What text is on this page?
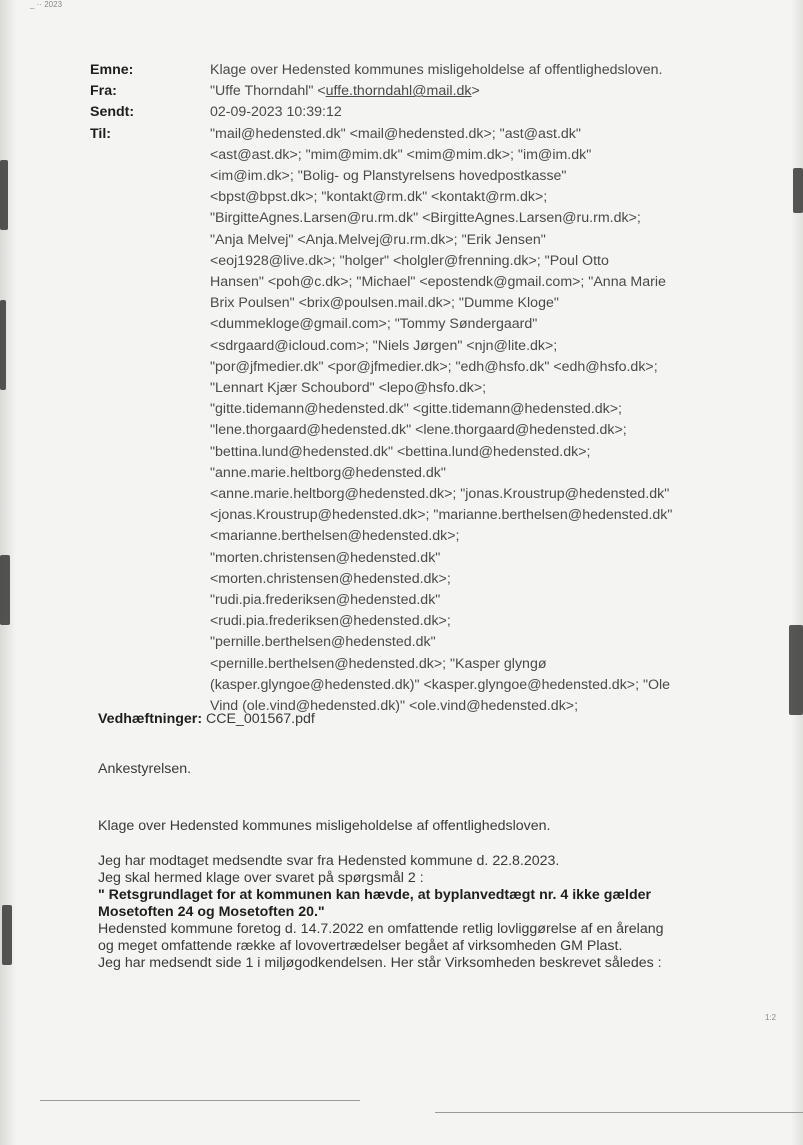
_ ·· 2023
1:2
Emne:	Klage over Hedensted kommunes misligeholdelse af offentlighedsloven.
Fra:	"Uffe Thorndahl" <uffe.thorndahl@mail.dk>
Sendt:	02-09-2023 10:39:12
Til:	"mail@hedensted.dk" <mail@hedensted.dk>; "ast@ast.dk"
<ast@ast.dk>; "mim@mim.dk" <mim@mim.dk>; "im@im.dk"
<im@im.dk>; "Bolig- og Planstyrelsens hovedpostkasse"
<bpst@bpst.dk>; "kontakt@rm.dk" <kontakt@rm.dk>;
"BirgitteAgnes.Larsen@ru.rm.dk" <BirgitteAgnes.Larsen@ru.rm.dk>;
"Anja Melvej" <Anja.Melvej@ru.rm.dk>; "Erik Jensen"
<eoj1928@live.dk>; "holger" <holgler@frenning.dk>; "Poul Otto
Hansen" <poh@c.dk>; "Michael" <epostendk@gmail.com>; "Anna Marie
Brix Poulsen" <brix@poulsen.mail.dk>; "Dumme Kloge"
<dummekloge@gmail.com>; "Tommy Søndergaard"
<sdrgaard@icloud.com>; "Niels Jørgen" <njn@lite.dk>;
"por@jfmedier.dk" <por@jfmedier.dk>; "edh@hsfo.dk" <edh@hsfo.dk>;
"Lennart Kjær Schoubord" <lepo@hsfo.dk>;
"gitte.tidemann@hedensted.dk" <gitte.tidemann@hedensted.dk>;
"lene.thorgaard@hedensted.dk" <lene.thorgaard@hedensted.dk>;
"bettina.lund@hedensted.dk" <bettina.lund@hedensted.dk>;
"anne.marie.heltborg@hedensted.dk"
<anne.marie.heltborg@hedensted.dk>; "jonas.Kroustrup@hedensted.dk"
<jonas.Kroustrup@hedensted.dk>; "marianne.berthelsen@hedensted.dk"
<marianne.berthelsen@hedensted.dk>;
"morten.christensen@hedensted.dk"
<morten.christensen@hedensted.dk>;
"rudi.pia.frederiksen@hedensted.dk"
<rudi.pia.frederiksen@hedensted.dk>;
"pernille.berthelsen@hedensted.dk"
<pernille.berthelsen@hedensted.dk>; "Kasper glyngø
(kasper.glyngoe@hedensted.dk)" <kasper.glyngoe@hedensted.dk>; "Ole
Vind (ole.vind@hedensted.dk)" <ole.vind@hedensted.dk>;
Vedhæftninger: CCE_001567.pdf
Ankestyrelsen.
Klage over Hedensted kommunes misligeholdelse af offentlighedsloven.
Jeg har modtaget medsendte svar fra Hedensted kommune d. 22.8.2023.
Jeg skal hermed klage over svaret på spørgsmål 2 :
" Retsgrundlaget for at kommunen kan hævde, at byplanvedtægt nr. 4 ikke gælder
Mosetoften 24 og Mosetoften 20."
Hedensted kommune foretog d. 14.7.2022 en omfattende retlig lovliggørelse af en årelang
og meget omfattende række af lovovertrædelser begået af virksomheden GM Plast.
Jeg har medsendt side 1 i miljøgodkendelsen. Her står Virksomheden beskrevet således :
